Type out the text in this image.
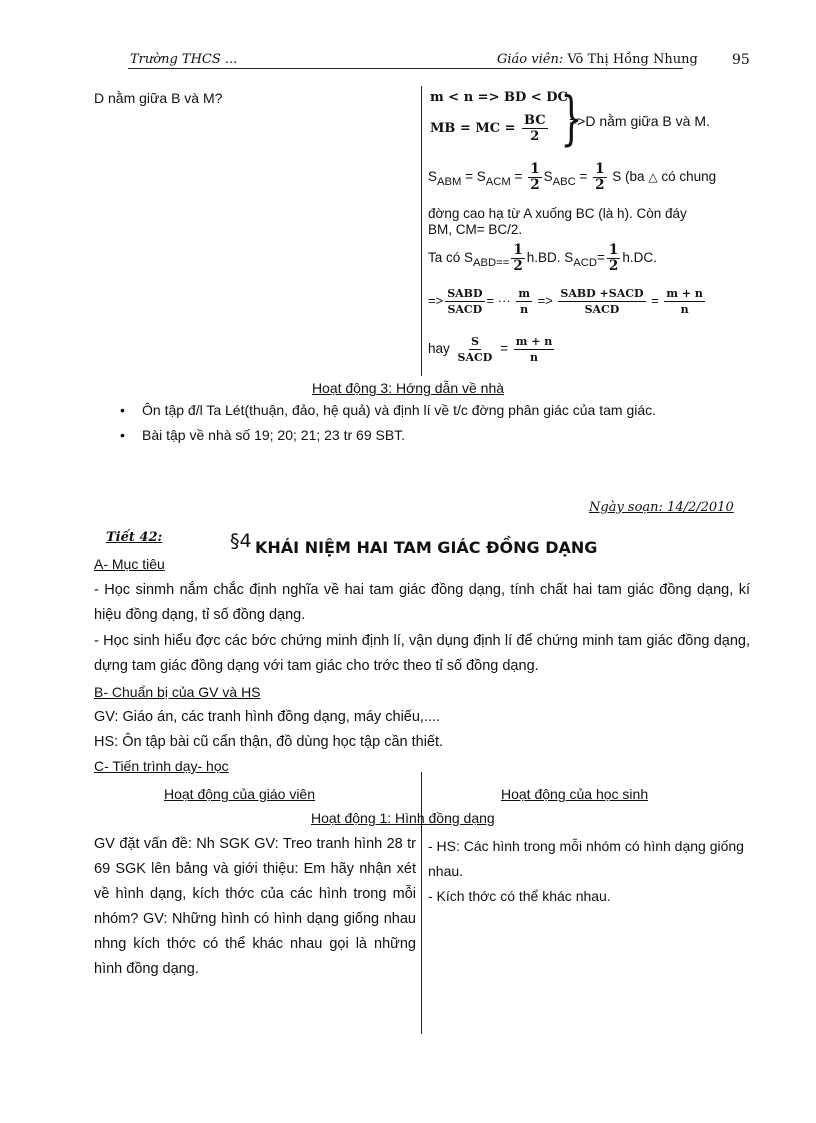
Trường THCS ...	Giáo viên: Võ Thị Hồng Nhung 95
D nằm giữa B và M?	m < n => BD < DC
MB = MC = $\frac{BC}{2}$ }
=>D nằm giữa B và M.
$S_{ABM} = S_{ACM} = \frac{1}{2} S_{ABC} = \frac{1}{2}$ S (ba △ có chung
đờng cao hạ từ A xuống BC (là h). Còn đáy
BM, CM= BC/2.
Ta có $S_{ABD==} \frac{1}{2} h.BD$. $S_{ACD}= \frac{1}{2} h.DC$.
=> $\frac{\text{SABD}}{\text{SACD}}$ = ··· $\frac{m}{n} => \frac{\text{SABD +SACD}}{\text{SACD}} = \frac{m + n}{n}$
hay $\frac{S}{\text{SACD}} = \frac{m + n}{n}$
Hoạt động 3: Hớng dẫn về nhà
• Ôn tập đ/l Ta Lét(thuận, đảo, hệ quả) và định lí về t/c đờng phân giác của tam giác.
• Bài tập về nhà số 19; 20; 21; 23 tr 69 SBT.
Ngày soạn: 14/2/2010
Tiết 42:	§4 KHÁI NIỆM HAI TAM GIÁC ĐỒNG DẠNG
A- Mục tiêu
- Học sinmh nắm chắc định nghĩa về hai tam giác đồng dạng, tính chất hai tam giác đồng dạng, kí hiệu đồng dạng, tỉ số đồng dạng.
- Học sinh hiểu đợc các bớc chứng minh định lí, vận dụng định lí để chứng minh tam giác đồng dạng, dựng tam giác đồng dạng với tam giác cho trớc theo tỉ số đồng dạng.
B- Chuẩn bị của GV và HS
GV: Giáo án, các tranh hình đồng dạng, máy chiếu,....
HS: Ôn tập bài cũ cẩn thận, đồ dùng học tập cần thiết.
C- Tiến trình dạy- học
Hoạt động của giáo viên	Hoạt động của học sinh
Hoạt động 1: Hình đồng dạng
GV đặt vấn đề: Nh SGK GV: Treo tranh hình 28 tr 69 SGK lên bảng và giới thiệu: Em hãy nhận xét về hình dạng, kích thớc của các hình trong mỗi nhóm? GV: Những hình có hình dạng giống nhau nhng kích thớc có thể khác nhau gọi là những hình đồng dạng.
- HS: Các hình trong mỗi nhóm có hình dạng giống nhau.
- Kích thớc có thể khác nhau.
